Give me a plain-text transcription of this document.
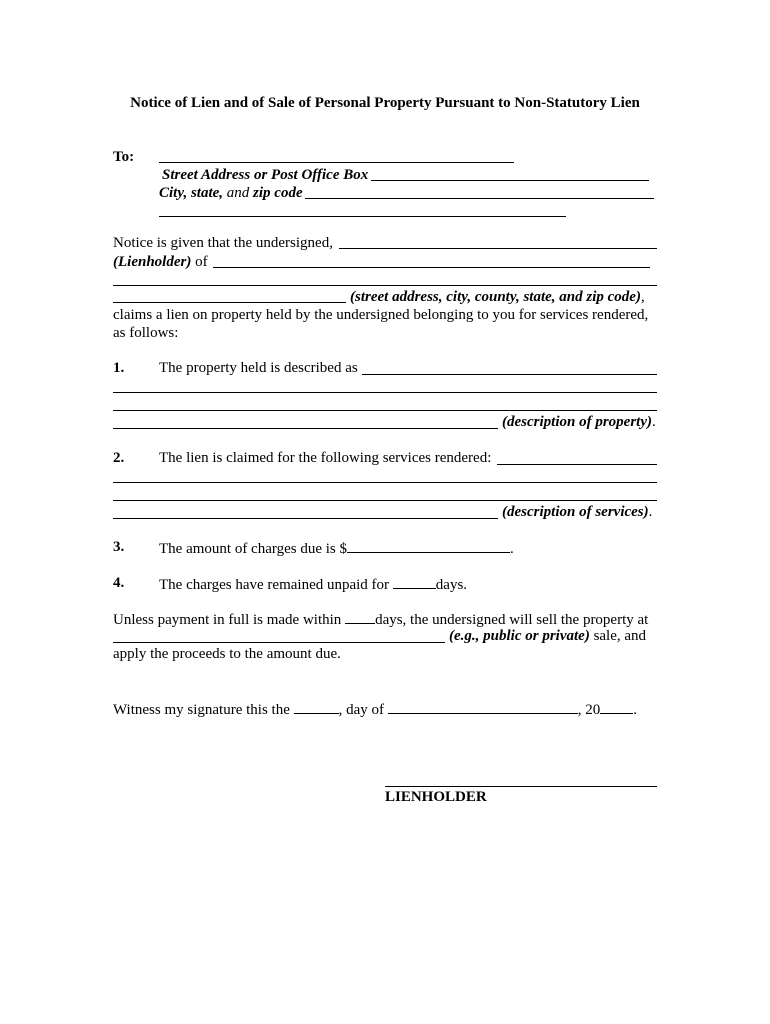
Notice of Lien and of Sale of Personal Property Pursuant to Non-Statutory Lien
To:
Street Address or Post Office Box
City, state, and zip code
Notice is given that the undersigned,
(Lienholder) of
(street address, city, county, state, and zip code),
claims a lien on property held by the undersigned belonging to you for services rendered,
as follows:
1. The property held is described as
(description of property).
2. The lien is claimed for the following services rendered:
(description of services).
3. The amount of charges due is $	.
4. The charges have remained unpaid for	days.
Unless payment in full is made within days, the undersigned will sell the property at
(e.g., public or private) sale, and
apply the proceeds to the amount due.
Witness my signature this the	, day of	, 20 .
LIENHOLDER
